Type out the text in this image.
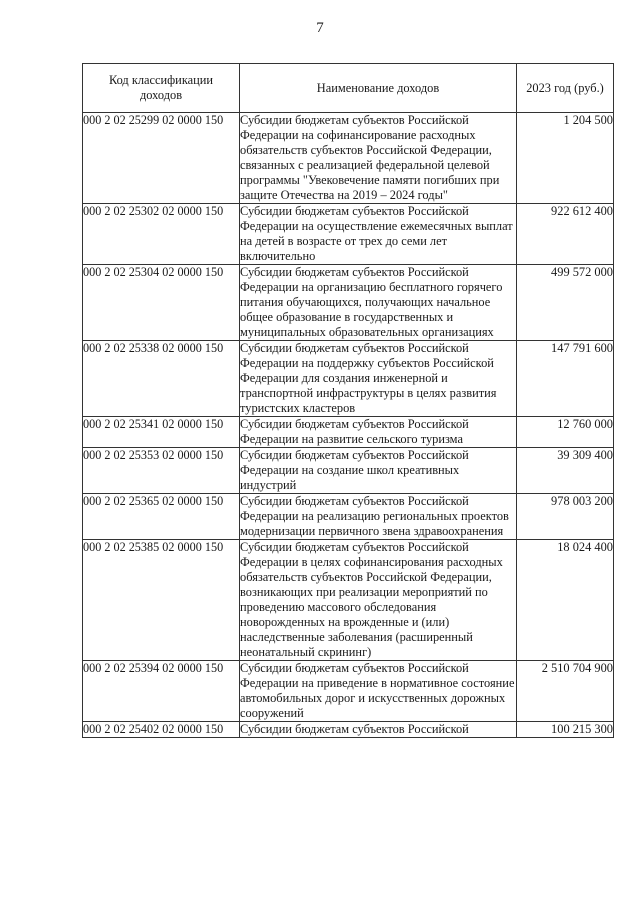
7
Код классификации доходов	Наименование доходов	2023 год (руб.)
000 2 02 25299 02 0000 150	Субсидии бюджетам субъектов Российской Федерации на софинансирование расходных обязательств субъектов Российской Федерации, связанных с реализацией федеральной целевой программы "Увековечение памяти погибших при защите Отечества на 2019 – 2024 годы"	1 204 500
000 2 02 25302 02 0000 150	Субсидии бюджетам субъектов Российской Федерации на осуществление ежемесячных выплат на детей в возрасте от трех до семи лет включительно	922 612 400
000 2 02 25304 02 0000 150	Субсидии бюджетам субъектов Российской Федерации на организацию бесплатного горячего питания обучающихся, получающих начальное общее образование в государственных и муниципальных образовательных организациях	499 572 000
000 2 02 25338 02 0000 150	Субсидии бюджетам субъектов Российской Федерации на поддержку субъектов Российской Федерации для создания инженерной и транспортной инфраструктуры в целях развития туристских кластеров	147 791 600
000 2 02 25341 02 0000 150	Субсидии бюджетам субъектов Российской Федерации на развитие сельского туризма	12 760 000
000 2 02 25353 02 0000 150	Субсидии бюджетам субъектов Российской Федерации на создание школ креативных индустрий	39 309 400
000 2 02 25365 02 0000 150	Субсидии бюджетам субъектов Российской Федерации на реализацию региональных проектов модернизации первичного звена здравоохранения	978 003 200
000 2 02 25385 02 0000 150	Субсидии бюджетам субъектов Российской Федерации в целях софинансирования расходных обязательств субъектов Российской Федерации, возникающих при реализации мероприятий по проведению массового обследования новорожденных на врожденные и (или) наследственные заболевания (расширенный неонатальный скрининг)	18 024 400
000 2 02 25394 02 0000 150	Субсидии бюджетам субъектов Российской Федерации на приведение в нормативное состояние автомобильных дорог и искусственных дорожных сооружений	2 510 704 900
000 2 02 25402 02 0000 150	Субсидии бюджетам субъектов Российской	100 215 300
